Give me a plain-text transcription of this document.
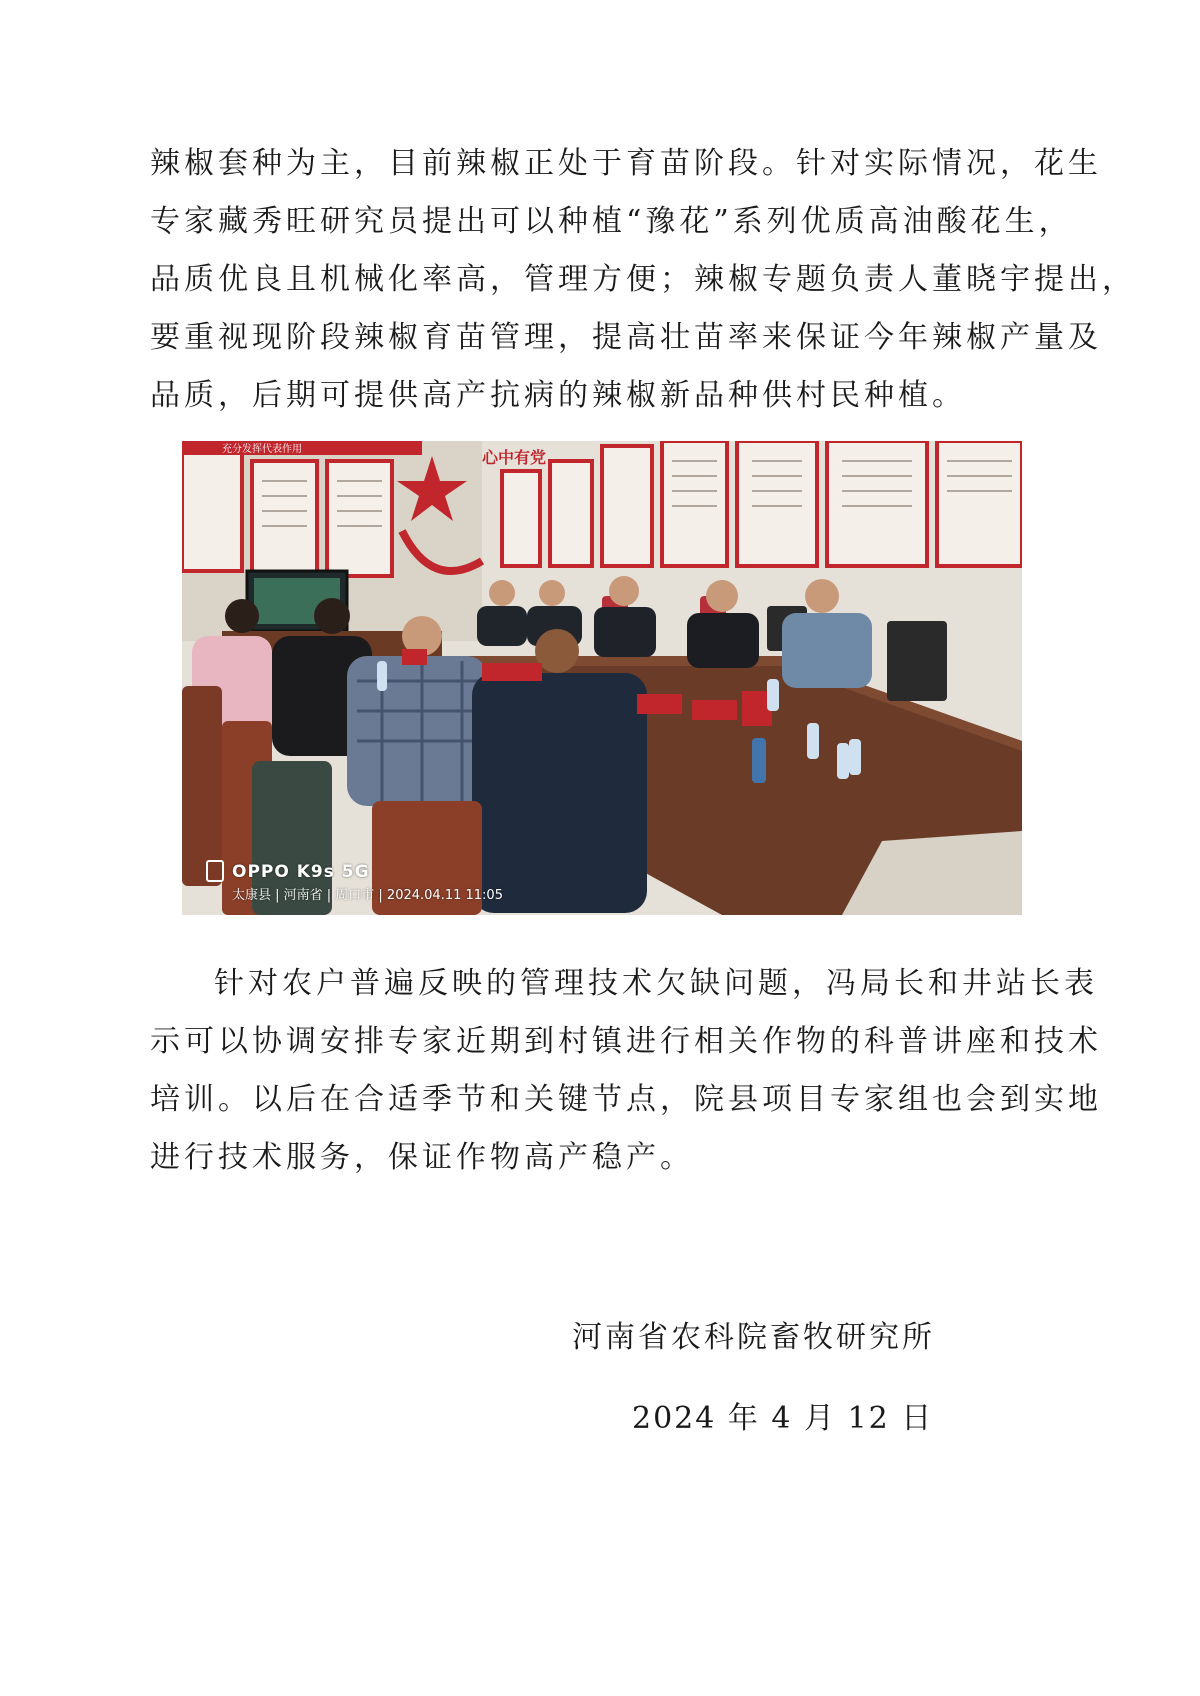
辣椒套种为主，目前辣椒正处于育苗阶段。针对实际情况，花生
专家藏秀旺研究员提出可以种植“豫花”系列优质高油酸花生，
品质优良且机械化率高，管理方便；辣椒专题负责人董晓宇提出，
要重视现阶段辣椒育苗管理，提高壮苗率来保证今年辣椒产量及
品质，后期可提供高产抗病的辣椒新品种供村民种植。
充分发挥代表作用	心中有党
OPPO K9s 5G
太康县 | 河南省 | 周口市 | 2024.04.11 11:05
针对农户普遍反映的管理技术欠缺问题，冯局长和井站长表
示可以协调安排专家近期到村镇进行相关作物的科普讲座和技术
培训。以后在合适季节和关键节点，院县项目专家组也会到实地
进行技术服务，保证作物高产稳产。

河南省农科院畜牧研究所

2024 年 4 月 12 日
